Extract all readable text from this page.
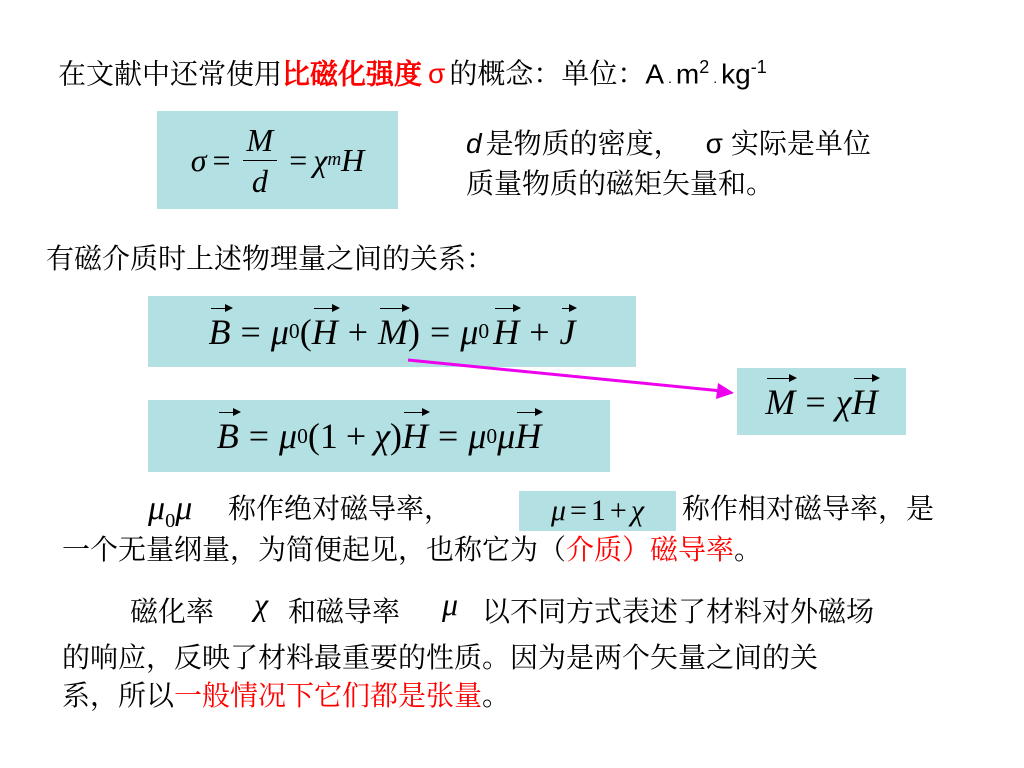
在文献中还常使用比磁化强度 σ 的概念：单位：A . $m^2$. $kg^{-1}$
$\sigma = \frac{M}{d} = \chi$ m H	d 是物质的密度， σ 实际是单位
质量物质的磁矩矢量和。
有磁介质时上述物理量之间的关系：
B = μ 0 ( H + M ) = μ 0 H + J
M = χ H
B = μ 0 (1 + χ ) H = μ 0 μ H
$\mu_0\mu$ 称作绝对磁导率，	μ = 1 + χ 称作相对磁导率，是
一个无量纲量，为简便起见，也称它为（介质）磁导率。
磁化率 χ 和磁导率 μ 以不同方式表述了材料对外磁场
的响应，反映了材料最重要的性质。因为是两个矢量之间的关
系，所以一般情况下它们都是张量。
